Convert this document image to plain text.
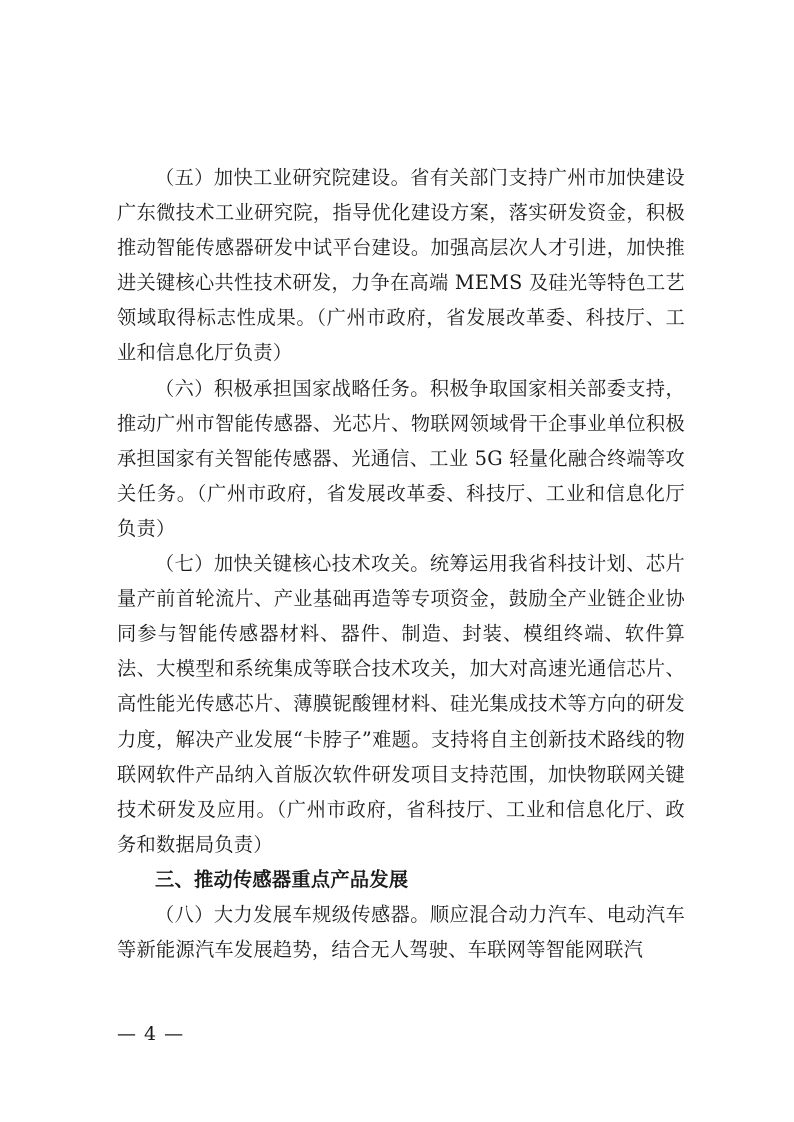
（五）加快工业研究院建设。省有关部门支持广州市加快建设广东微技术工业研究院，指导优化建设方案，落实研发资金，积极推动智能传感器研发中试平台建设。加强高层次人才引进，加快推进关键核心共性技术研发，力争在高端 MEMS 及硅光等特色工艺领域取得标志性成果。（广州市政府，省发展改革委、科技厅、工业和信息化厅负责）

（六）积极承担国家战略任务。积极争取国家相关部委支持，推动广州市智能传感器、光芯片、物联网领域骨干企事业单位积极承担国家有关智能传感器、光通信、工业 5G 轻量化融合终端等攻关任务。（广州市政府，省发展改革委、科技厅、工业和信息化厅负责）

（七）加快关键核心技术攻关。统筹运用我省科技计划、芯片量产前首轮流片、产业基础再造等专项资金，鼓励全产业链企业协同参与智能传感器材料、器件、制造、封装、模组终端、软件算法、大模型和系统集成等联合技术攻关，加大对高速光通信芯片、高性能光传感芯片、薄膜铌酸锂材料、硅光集成技术等方向的研发力度，解决产业发展“卡脖子”难题。支持将自主创新技术路线的物联网软件产品纳入首版次软件研发项目支持范围，加快物联网关键技术研发及应用。（广州市政府，省科技厅、工业和信息化厅、政务和数据局负责）

三、推动传感器重点产品发展

（八）大力发展车规级传感器。顺应混合动力汽车、电动汽车等新能源汽车发展趋势，结合无人驾驶、车联网等智能网联汽

— 4 —
